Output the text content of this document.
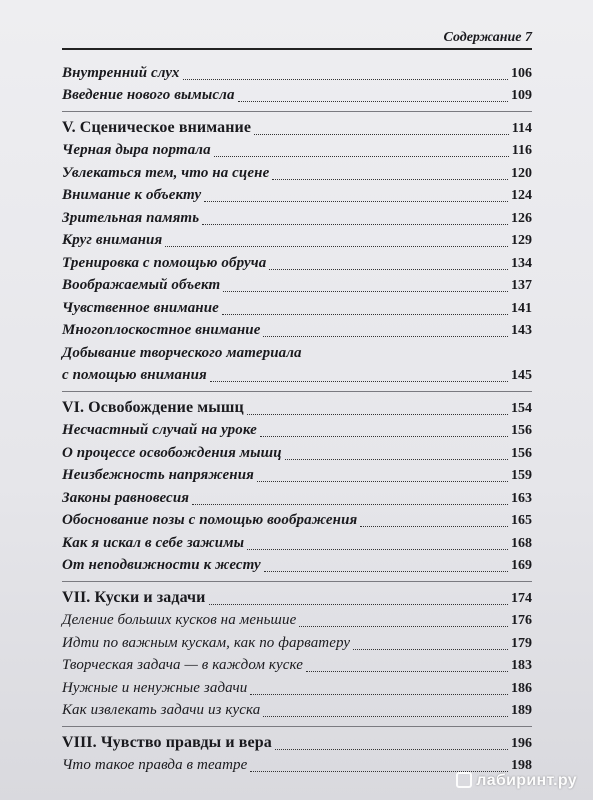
Содержание 7
Внутренний слух	106
Введение нового вымысла	109
V. Сценическое внимание	114
Черная дыра портала	116
Увлекаться тем, что на сцене	120
Внимание к объекту	124
Зрительная память	126
Круг внимания	129
Тренировка с помощью обруча	134
Воображаемый объект	137
Чувственное внимание	141
Многоплоскостное внимание	143
Добывание творческого материала
с помощью внимания	145
VI. Освобождение мышц	154
Несчастный случай на уроке	156
О процессе освобождения мышц	156
Неизбежность напряжения	159
Законы равновесия	163
Обоснование позы с помощью воображения	165
Как я искал в себе зажимы	168
От неподвижности к жесту	169
VII. Куски и задачи	174
Деление больших кусков на меньшие	176
Идти по важным кускам, как по фарватеру	179
Творческая задача — в каждом куске	183
Нужные и ненужные задачи	186
Как извлекать задачи из куска	189
VIII. Чувство правды и вера	196
Что такое правда в театре	198
лабиринт.ру
